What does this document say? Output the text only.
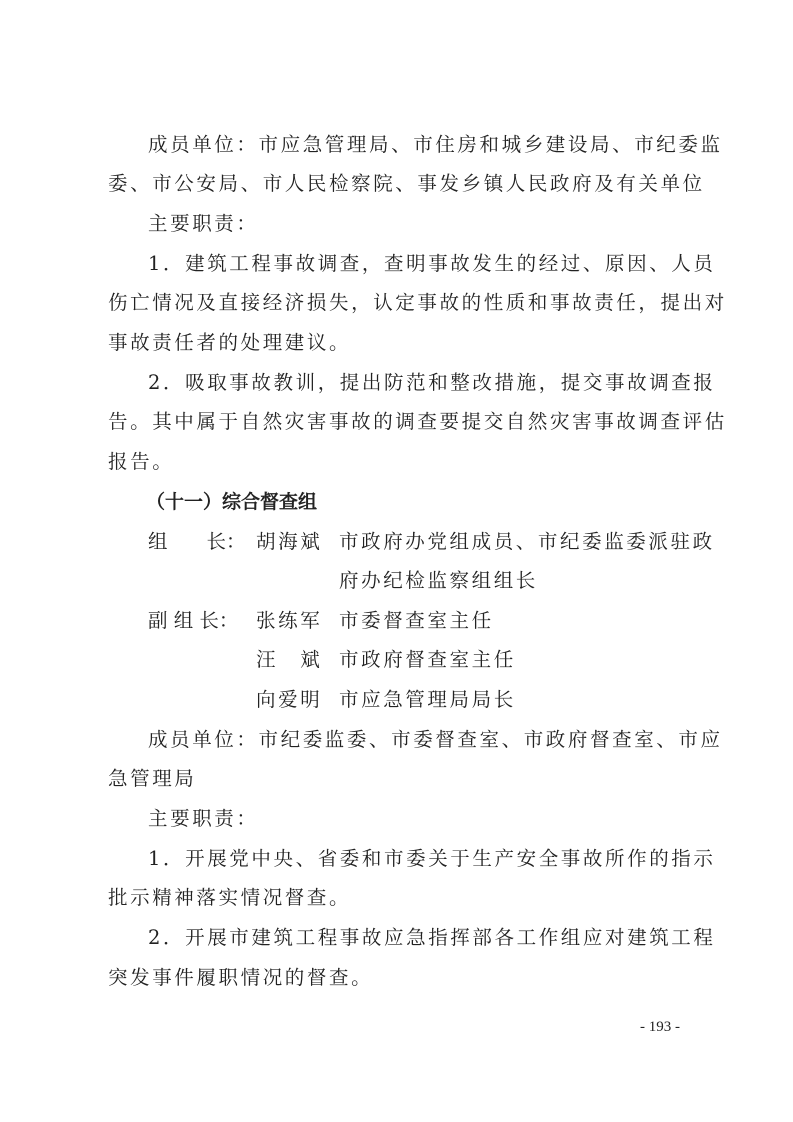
成员单位：市应急管理局、市住房和城乡建设局、市纪委监
委、市公安局、市人民检察院、事发乡镇人民政府及有关单位
主要职责：
1．建筑工程事故调查，查明事故发生的经过、原因、人员
伤亡情况及直接经济损失，认定事故的性质和事故责任，提出对
事故责任者的处理建议。
2．吸取事故教训，提出防范和整改措施，提交事故调查报
告。其中属于自然灾害事故的调查要提交自然灾害事故调查评估
报告。
（十一）综合督查组
组　　长： 胡海斌 市政府办党组成员、市纪委监委派驻政
府办纪检监察组组长
副 组 长： 张练军 市委督查室主任
汪　斌 市政府督查室主任
向爱明 市应急管理局局长
成员单位：市纪委监委、市委督查室、市政府督查室、市应
急管理局
主要职责：
1．开展党中央、省委和市委关于生产安全事故所作的指示
批示精神落实情况督查。
2．开展市建筑工程事故应急指挥部各工作组应对建筑工程
突发事件履职情况的督查。
- 193 -
